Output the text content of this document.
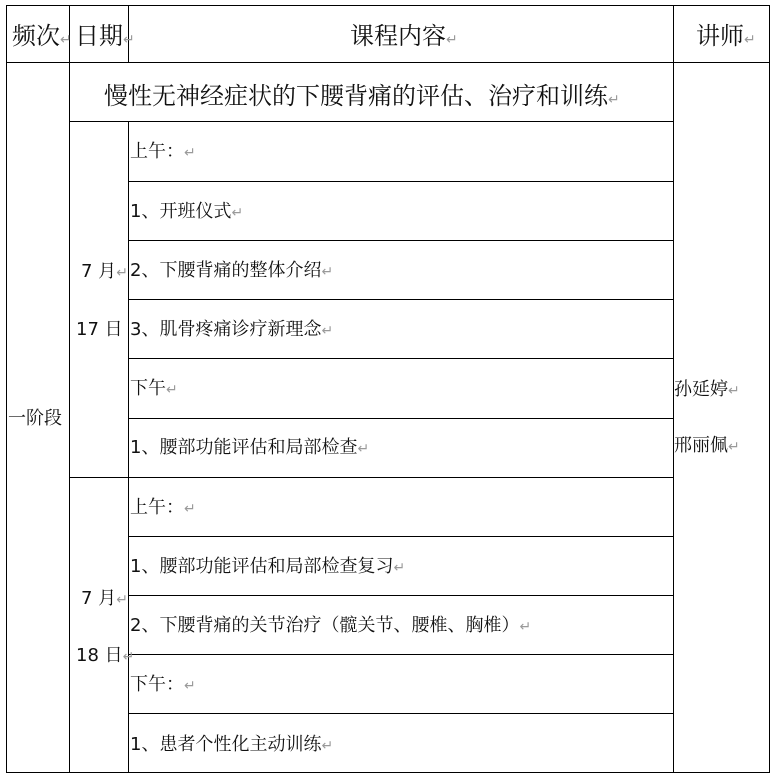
频次↵ 日期↵	课程内容↵	讲师↵
慢性无神经症状的下腰背痛的评估、治疗和训练↵
一阶段
7 月↵
17 日
上午：↵
1、开班仪式↵
2、下腰背痛的整体介绍↵
3、肌骨疼痛诊疗新理念↵
下午↵
1、腰部功能评估和局部检查↵
7 月↵
18 日↵
上午：↵
1、腰部功能评估和局部检查复习↵
2、下腰背痛的关节治疗（髋关节、腰椎、胸椎）↵
下午：↵
1、患者个性化主动训练↵
孙延婷↵
邢丽佩↵
